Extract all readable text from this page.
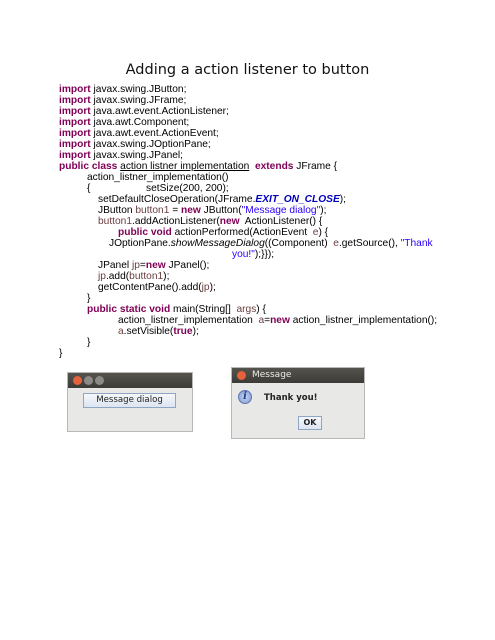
Adding a action listener to button
import javax.swing.JButton;
import javax.swing.JFrame;
import java.awt.event.ActionListener;
import java.awt.Component;
import java.awt.event.ActionEvent;
import javax.swing.JOptionPane;
import javax.swing.JPanel;
public class action listner implementation extends JFrame {
action_listner_implementation()
{	setSize(200, 200);
setDefaultCloseOperation(JFrame.EXIT_ON_CLOSE);
JButton button1 = new JButton("Message dialog");
button1.addActionListener(new  ActionListener() {
public void actionPerformed(ActionEvent  e) {
JOptionPane.showMessageDialog((Component)  e.getSource(), "Thank
you!");}});
JPanel jp=new JPanel();
jp.add(button1);
getContentPane().add(jp);
}
public static void main(String[]  args) {
action_listner_implementation  a=new action_listner_implementation();
a.setVisible(true);
}
}
Message dialog
Message
i	Thank you!
OK
